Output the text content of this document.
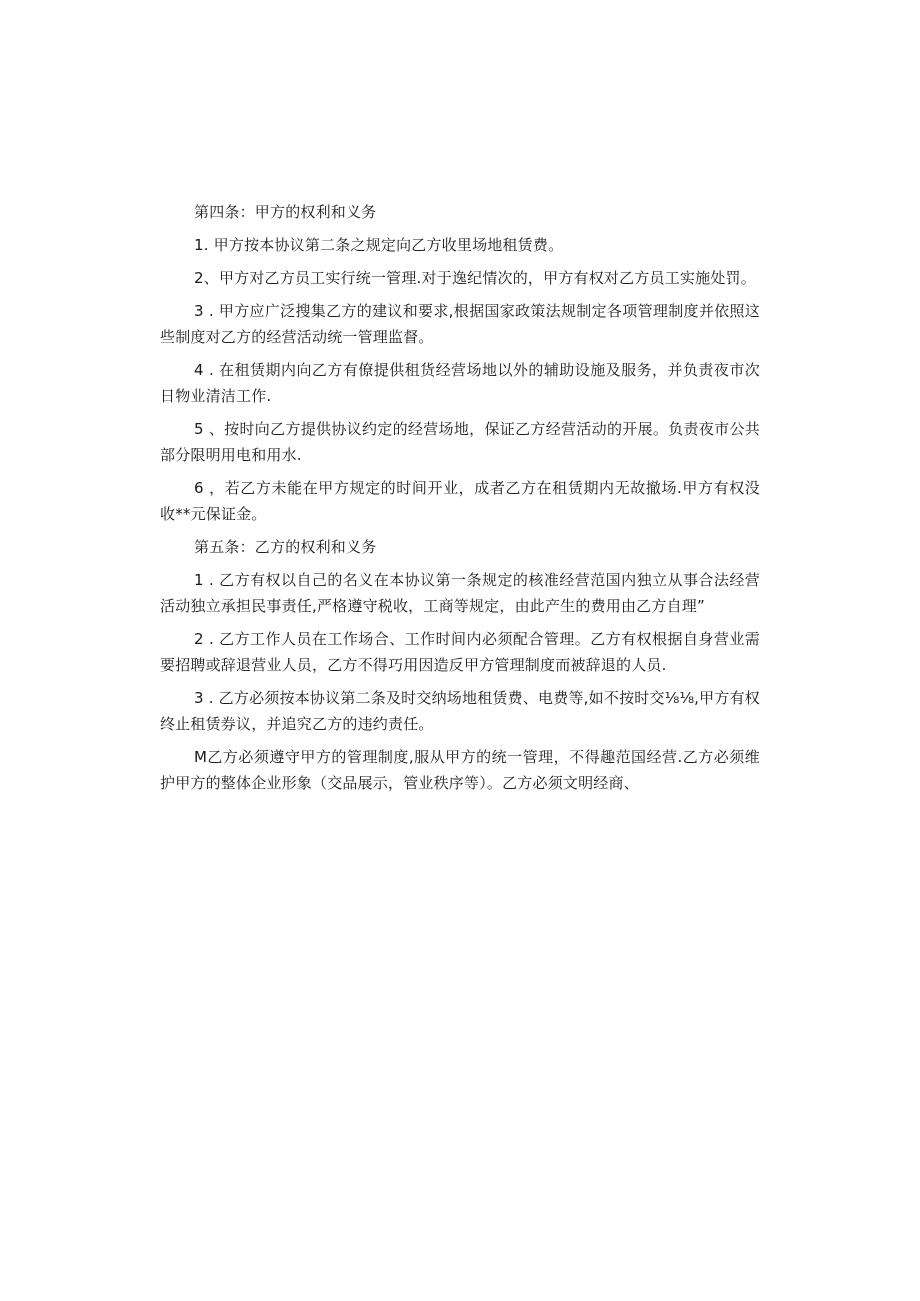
第四条：甲方的权利和义务

1. 甲方按本协议第二条之规定向乙方收里场地租赁费。

2、甲方对乙方员工实行统一管理.对于逸纪情次的，甲方有权对乙方员工实施处罚。

3 . 甲方应广泛搜集乙方的建议和要求,根据国家政策法规制定各项管理制度并依照这些制度对乙方的经营活动统一管理监督。

4 . 在租赁期内向乙方有僚提供租货经营场地以外的辅助设施及服务，并负责夜市次日物业清洁工作.

5 、按时向乙方提供协议约定的经营场地，保证乙方经营活动的开展。负责夜市公共部分限明用电和用水.

6 ，若乙方未能在甲方规定的时间开业，成者乙方在租赁期内无故撤场.甲方有权没收**元保证金。

第五条：乙方的权利和义务

1 . 乙方有权以自己的名义在本协议第一条规定的核准经营范国内独立从事合法经营活动独立承担民事责任,严格遵守税收，工商等规定，由此产生的费用由乙方自理”

2 . 乙方工作人员在工作场合、工作时间内必须配合管理。乙方有权根据自身营业需要招聘或辞退营业人员，乙方不得巧用因造反甲方管理制度而被辞退的人员.

3 . 乙方必须按本协议第二条及时交纳场地租赁费、电费等,如不按时交⅛⅛,甲方有权终止租赁券议，并追究乙方的违约责任。

M乙方必须遵守甲方的管理制度,服从甲方的统一管理，不得趣范国经营.乙方必须维护甲方的整体企业形象（交品展示，管业秩序等）。乙方必须文明经商、
